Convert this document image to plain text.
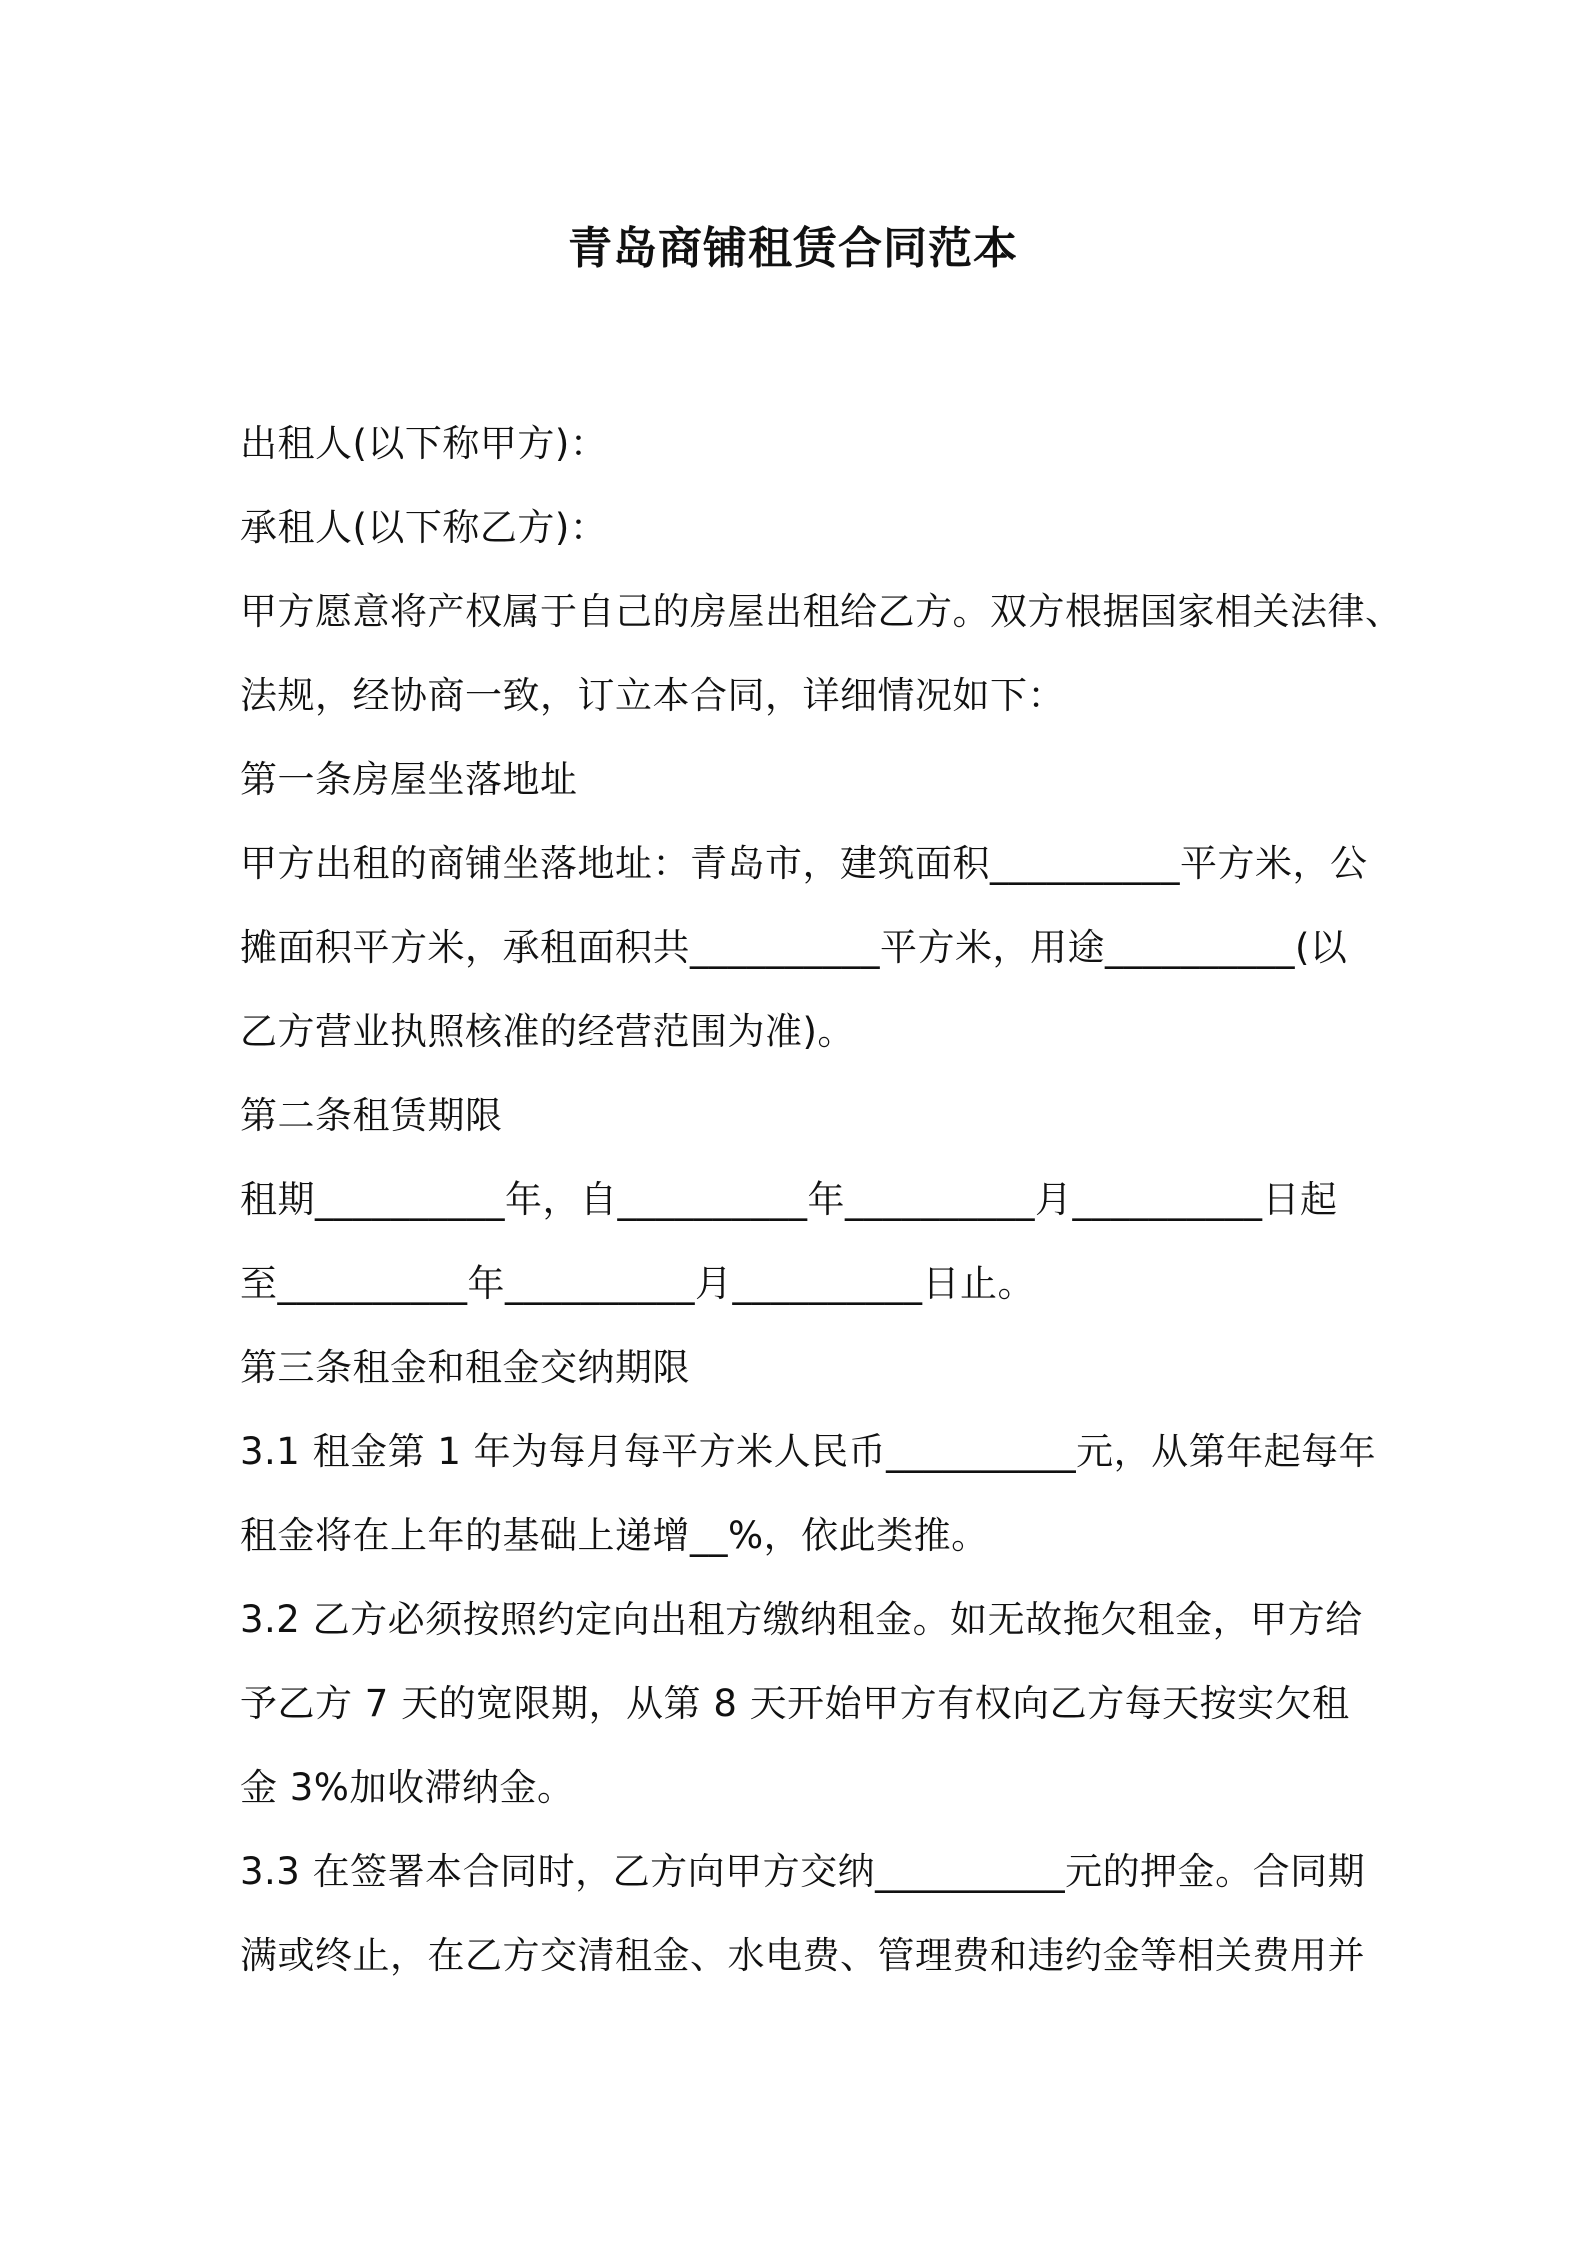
青岛商铺租赁合同范本
出租人(以下称甲方)：
承租人(以下称乙方)：
甲方愿意将产权属于自己的房屋出租给乙方。双方根据国家相关法律、
法规，经协商一致，订立本合同，详细情况如下：
第一条房屋坐落地址
甲方出租的商铺坐落地址：青岛市，建筑面积__________平方米，公
摊面积平方米，承租面积共__________平方米，用途__________(以
乙方营业执照核准的经营范围为准)。
第二条租赁期限
租期__________年，自__________年__________月__________日起
至__________年__________月__________日止。
第三条租金和租金交纳期限
3.1 租金第 1 年为每月每平方米人民币__________元，从第年起每年
租金将在上年的基础上递增__%，依此类推。
3.2 乙方必须按照约定向出租方缴纳租金。如无故拖欠租金，甲方给
予乙方 7 天的宽限期，从第 8 天开始甲方有权向乙方每天按实欠租
金 3%加收滞纳金。
3.3 在签署本合同时，乙方向甲方交纳__________元的押金。合同期
满或终止，在乙方交清租金、水电费、管理费和违约金等相关费用并
